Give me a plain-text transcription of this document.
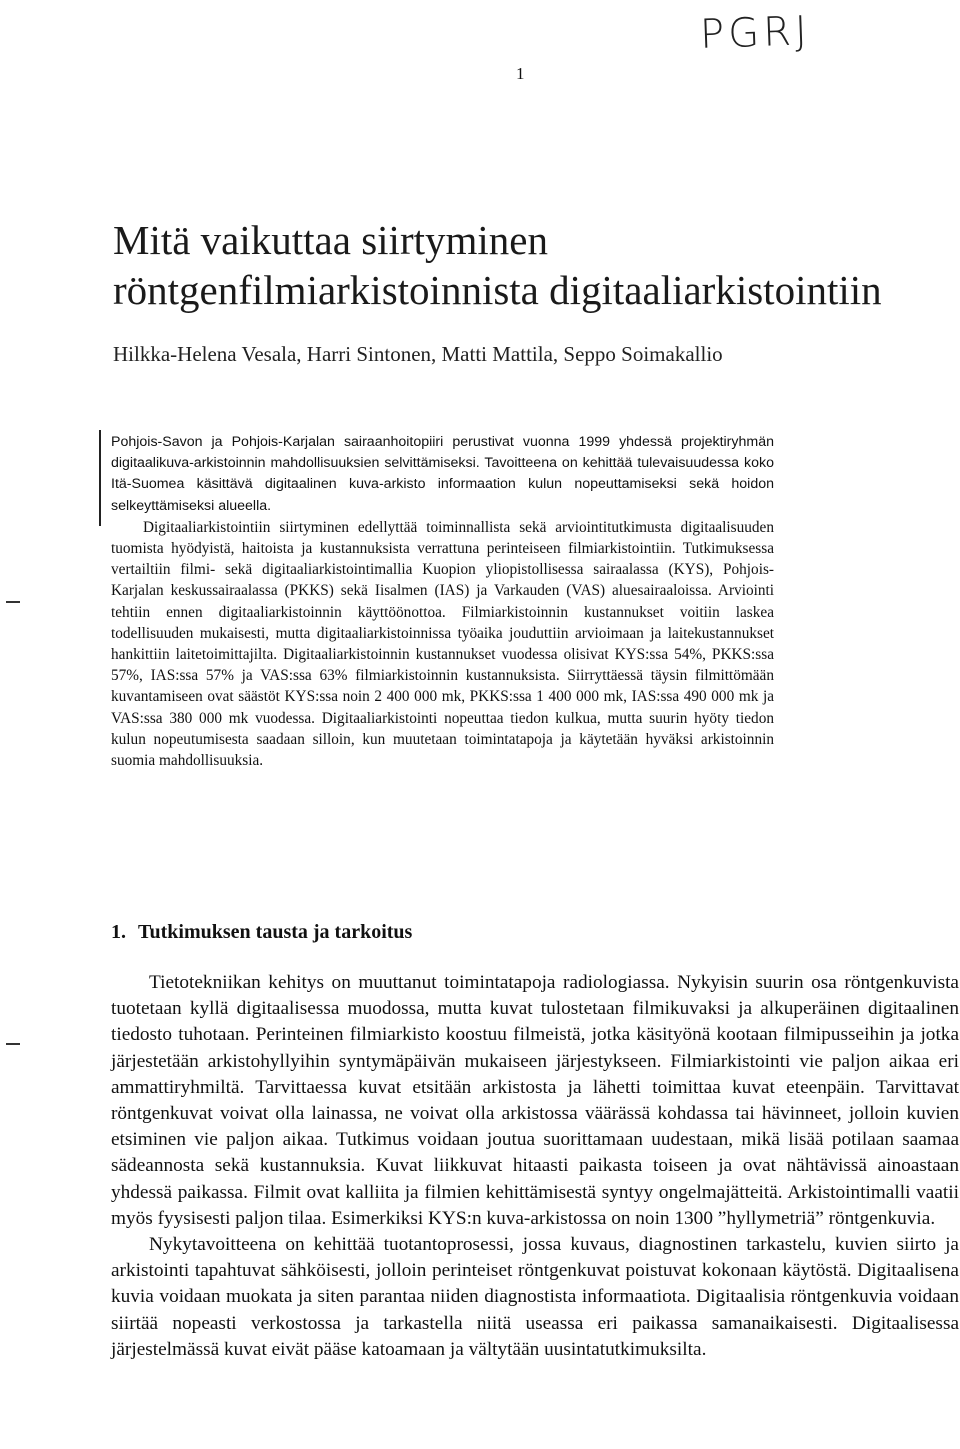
PGRJ
1
Mitä vaikuttaa siirtyminen röntgenfilmiarkistoinnista digitaaliarkistointiin
Hilkka-Helena Vesala, Harri Sintonen, Matti Mattila, Seppo Soimakallio

Pohjois-Savon ja Pohjois-Karjalan sairaanhoitopiiri perustivat vuonna 1999 yhdessä projektiryhmän digitaalikuva-arkistoinnin mahdollisuuksien selvittämiseksi. Tavoitteena on kehittää tulevaisuudessa koko Itä-Suomea käsittävä digitaalinen kuva-arkisto informaation kulun nopeuttamiseksi sekä hoidon selkeyttämiseksi alueella.

Digitaaliarkistointiin siirtyminen edellyttää toiminnallista sekä arviointitutkimusta digitaalisuuden tuomista hyödyistä, haitoista ja kustannuksista verrattuna perinteiseen filmiarkistointiin. Tutkimuksessa vertailtiin filmi- sekä digitaaliarkistointimallia Kuopion yliopistollisessa sairaalassa (KYS), Pohjois-Karjalan keskussairaalassa (PKKS) sekä Iisalmen (IAS) ja Varkauden (VAS) aluesairaaloissa. Arviointi tehtiin ennen digitaaliarkistoinnin käyttöönottoa. Filmiarkistoinnin kustannukset voitiin laskea todellisuuden mukaisesti, mutta digitaaliarkistoinnissa työaika jouduttiin arvioimaan ja laitekustannukset hankittiin laitetoimittajilta. Digitaaliarkistoinnin kustannukset vuodessa olisivat KYS:ssa 54%, PKKS:ssa 57%, IAS:ssa 57% ja VAS:ssa 63% filmiarkistoinnin kustannuksista. Siirryttäessä täysin filmittömään kuvantamiseen ovat säästöt KYS:ssa noin 2 400 000 mk, PKKS:ssa 1 400 000 mk, IAS:ssa 490 000 mk ja VAS:ssa 380 000 mk vuodessa. Digitaaliarkistointi nopeuttaa tiedon kulkua, mutta suurin hyöty tiedon kulun nopeutumisesta saadaan silloin, kun muutetaan toimintatapoja ja käytetään hyväksi arkistoinnin suomia mahdollisuuksia.

1. Tutkimuksen tausta ja tarkoitus

Tietotekniikan kehitys on muuttanut toimintatapoja radiologiassa. Nykyisin suurin osa röntgenkuvista tuotetaan kyllä digitaalisessa muodossa, mutta kuvat tulostetaan filmikuvaksi ja alkuperäinen digitaalinen tiedosto tuhotaan. Perinteinen filmiarkisto koostuu filmeistä, jotka käsityönä kootaan filmipusseihin ja jotka järjestetään arkistohyllyihin syntymäpäivän mukaiseen järjestykseen. Filmiarkistointi vie paljon aikaa eri ammattiryhmiltä. Tarvittaessa kuvat etsitään arkistosta ja lähetti toimittaa kuvat eteenpäin. Tarvittavat röntgenkuvat voivat olla lainassa, ne voivat olla arkistossa väärässä kohdassa tai hävinneet, jolloin kuvien etsiminen vie paljon aikaa. Tutkimus voidaan joutua suorittamaan uudestaan, mikä lisää potilaan saamaa sädeannosta sekä kustannuksia. Kuvat liikkuvat hitaasti paikasta toiseen ja ovat nähtävissä ainoastaan yhdessä paikassa. Filmit ovat kalliita ja filmien kehittämisestä syntyy ongelmajätteitä. Arkistointimalli vaatii myös fyysisesti paljon tilaa. Esimerkiksi KYS:n kuva-arkistossa on noin 1300 ”hyllymetriä” röntgenkuvia.

Nykytavoitteena on kehittää tuotantoprosessi, jossa kuvaus, diagnostinen tarkastelu, kuvien siirto ja arkistointi tapahtuvat sähköisesti, jolloin perinteiset röntgenkuvat poistuvat kokonaan käytöstä. Digitaalisena kuvia voidaan muokata ja siten parantaa niiden diagnostista informaatiota. Digitaalisia röntgenkuvia voidaan siirtää nopeasti verkostossa ja tarkastella niitä useassa eri paikassa samanaikaisesti. Digitaalisessa järjestelmässä kuvat eivät pääse katoamaan ja vältytään uusintatutkimuksilta.
